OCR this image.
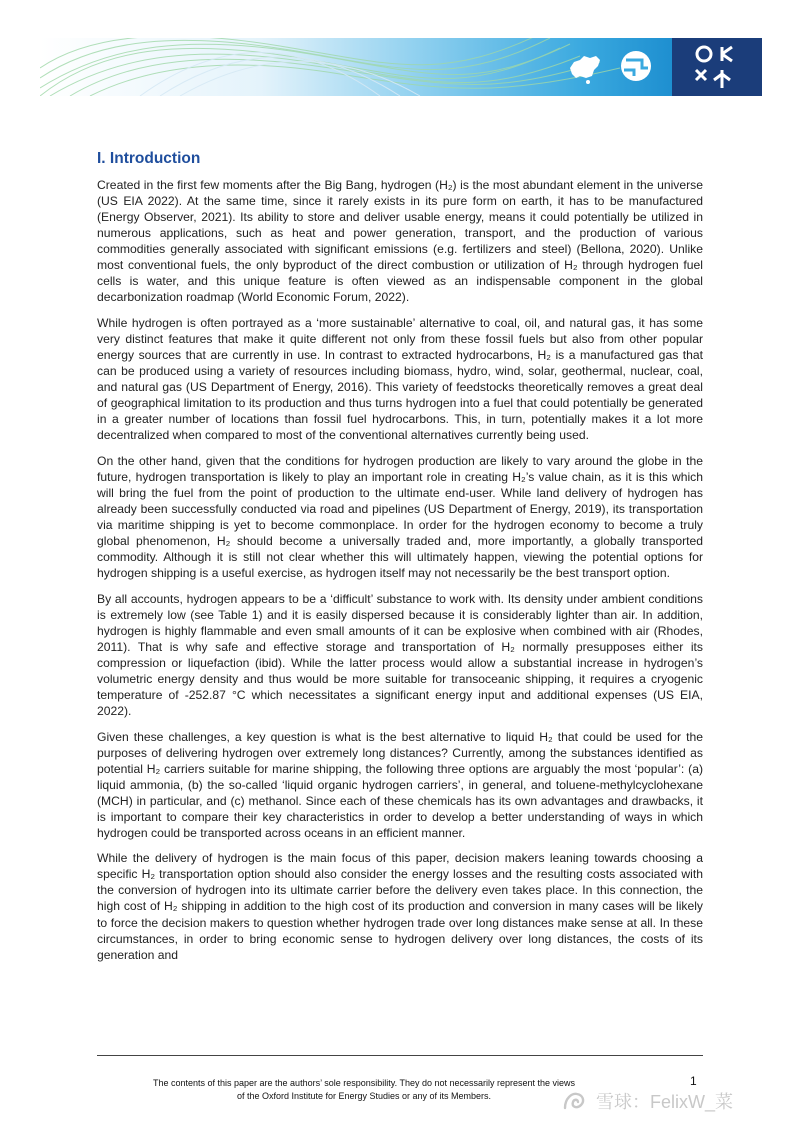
I. Introduction

Created in the first few moments after the Big Bang, hydrogen (H₂) is the most abundant element in the universe (US EIA 2022). At the same time, since it rarely exists in its pure form on earth, it has to be manufactured (Energy Observer, 2021). Its ability to store and deliver usable energy, means it could potentially be utilized in numerous applications, such as heat and power generation, transport, and the production of various commodities generally associated with significant emissions (e.g. fertilizers and steel) (Bellona, 2020). Unlike most conventional fuels, the only byproduct of the direct combustion or utilization of H₂ through hydrogen fuel cells is water, and this unique feature is often viewed as an indispensable component in the global decarbonization roadmap (World Economic Forum, 2022).

While hydrogen is often portrayed as a ‘more sustainable’ alternative to coal, oil, and natural gas, it has some very distinct features that make it quite different not only from these fossil fuels but also from other popular energy sources that are currently in use. In contrast to extracted hydrocarbons, H₂ is a manufactured gas that can be produced using a variety of resources including biomass, hydro, wind, solar, geothermal, nuclear, coal, and natural gas (US Department of Energy, 2016). This variety of feedstocks theoretically removes a great deal of geographical limitation to its production and thus turns hydrogen into a fuel that could potentially be generated in a greater number of locations than fossil fuel hydrocarbons. This, in turn, potentially makes it a lot more decentralized when compared to most of the conventional alternatives currently being used.

On the other hand, given that the conditions for hydrogen production are likely to vary around the globe in the future, hydrogen transportation is likely to play an important role in creating H₂’s value chain, as it is this which will bring the fuel from the point of production to the ultimate end-user. While land delivery of hydrogen has already been successfully conducted via road and pipelines (US Department of Energy, 2019), its transportation via maritime shipping is yet to become commonplace. In order for the hydrogen economy to become a truly global phenomenon, H₂ should become a universally traded and, more importantly, a globally transported commodity. Although it is still not clear whether this will ultimately happen, viewing the potential options for hydrogen shipping is a useful exercise, as hydrogen itself may not necessarily be the best transport option.

By all accounts, hydrogen appears to be a ‘difficult’ substance to work with. Its density under ambient conditions is extremely low (see Table 1) and it is easily dispersed because it is considerably lighter than air. In addition, hydrogen is highly flammable and even small amounts of it can be explosive when combined with air (Rhodes, 2011). That is why safe and effective storage and transportation of H₂ normally presupposes either its compression or liquefaction (ibid). While the latter process would allow a substantial increase in hydrogen’s volumetric energy density and thus would be more suitable for transoceanic shipping, it requires a cryogenic temperature of -252.87 °C which necessitates a significant energy input and additional expenses (US EIA, 2022).

Given these challenges, a key question is what is the best alternative to liquid H₂ that could be used for the purposes of delivering hydrogen over extremely long distances? Currently, among the substances identified as potential H₂ carriers suitable for marine shipping, the following three options are arguably the most ‘popular’: (a) liquid ammonia, (b) the so-called ‘liquid organic hydrogen carriers’, in general, and toluene-methylcyclohexane (MCH) in particular, and (c) methanol. Since each of these chemicals has its own advantages and drawbacks, it is important to compare their key characteristics in order to develop a better understanding of ways in which hydrogen could be transported across oceans in an efficient manner.

While the delivery of hydrogen is the main focus of this paper, decision makers leaning towards choosing a specific H₂ transportation option should also consider the energy losses and the resulting costs associated with the conversion of hydrogen into its ultimate carrier before the delivery even takes place. In this connection, the high cost of H₂ shipping in addition to the high cost of its production and conversion in many cases will be likely to force the decision makers to question whether hydrogen trade over long distances make sense at all. In these circumstances, in order to bring economic sense to hydrogen delivery over long distances, the costs of its generation and

The contents of this paper are the authors’ sole responsibility. They do not necessarily represent the views
of the Oxford Institute for Energy Studies or any of its Members.
1
雪球：FelixW_菜
